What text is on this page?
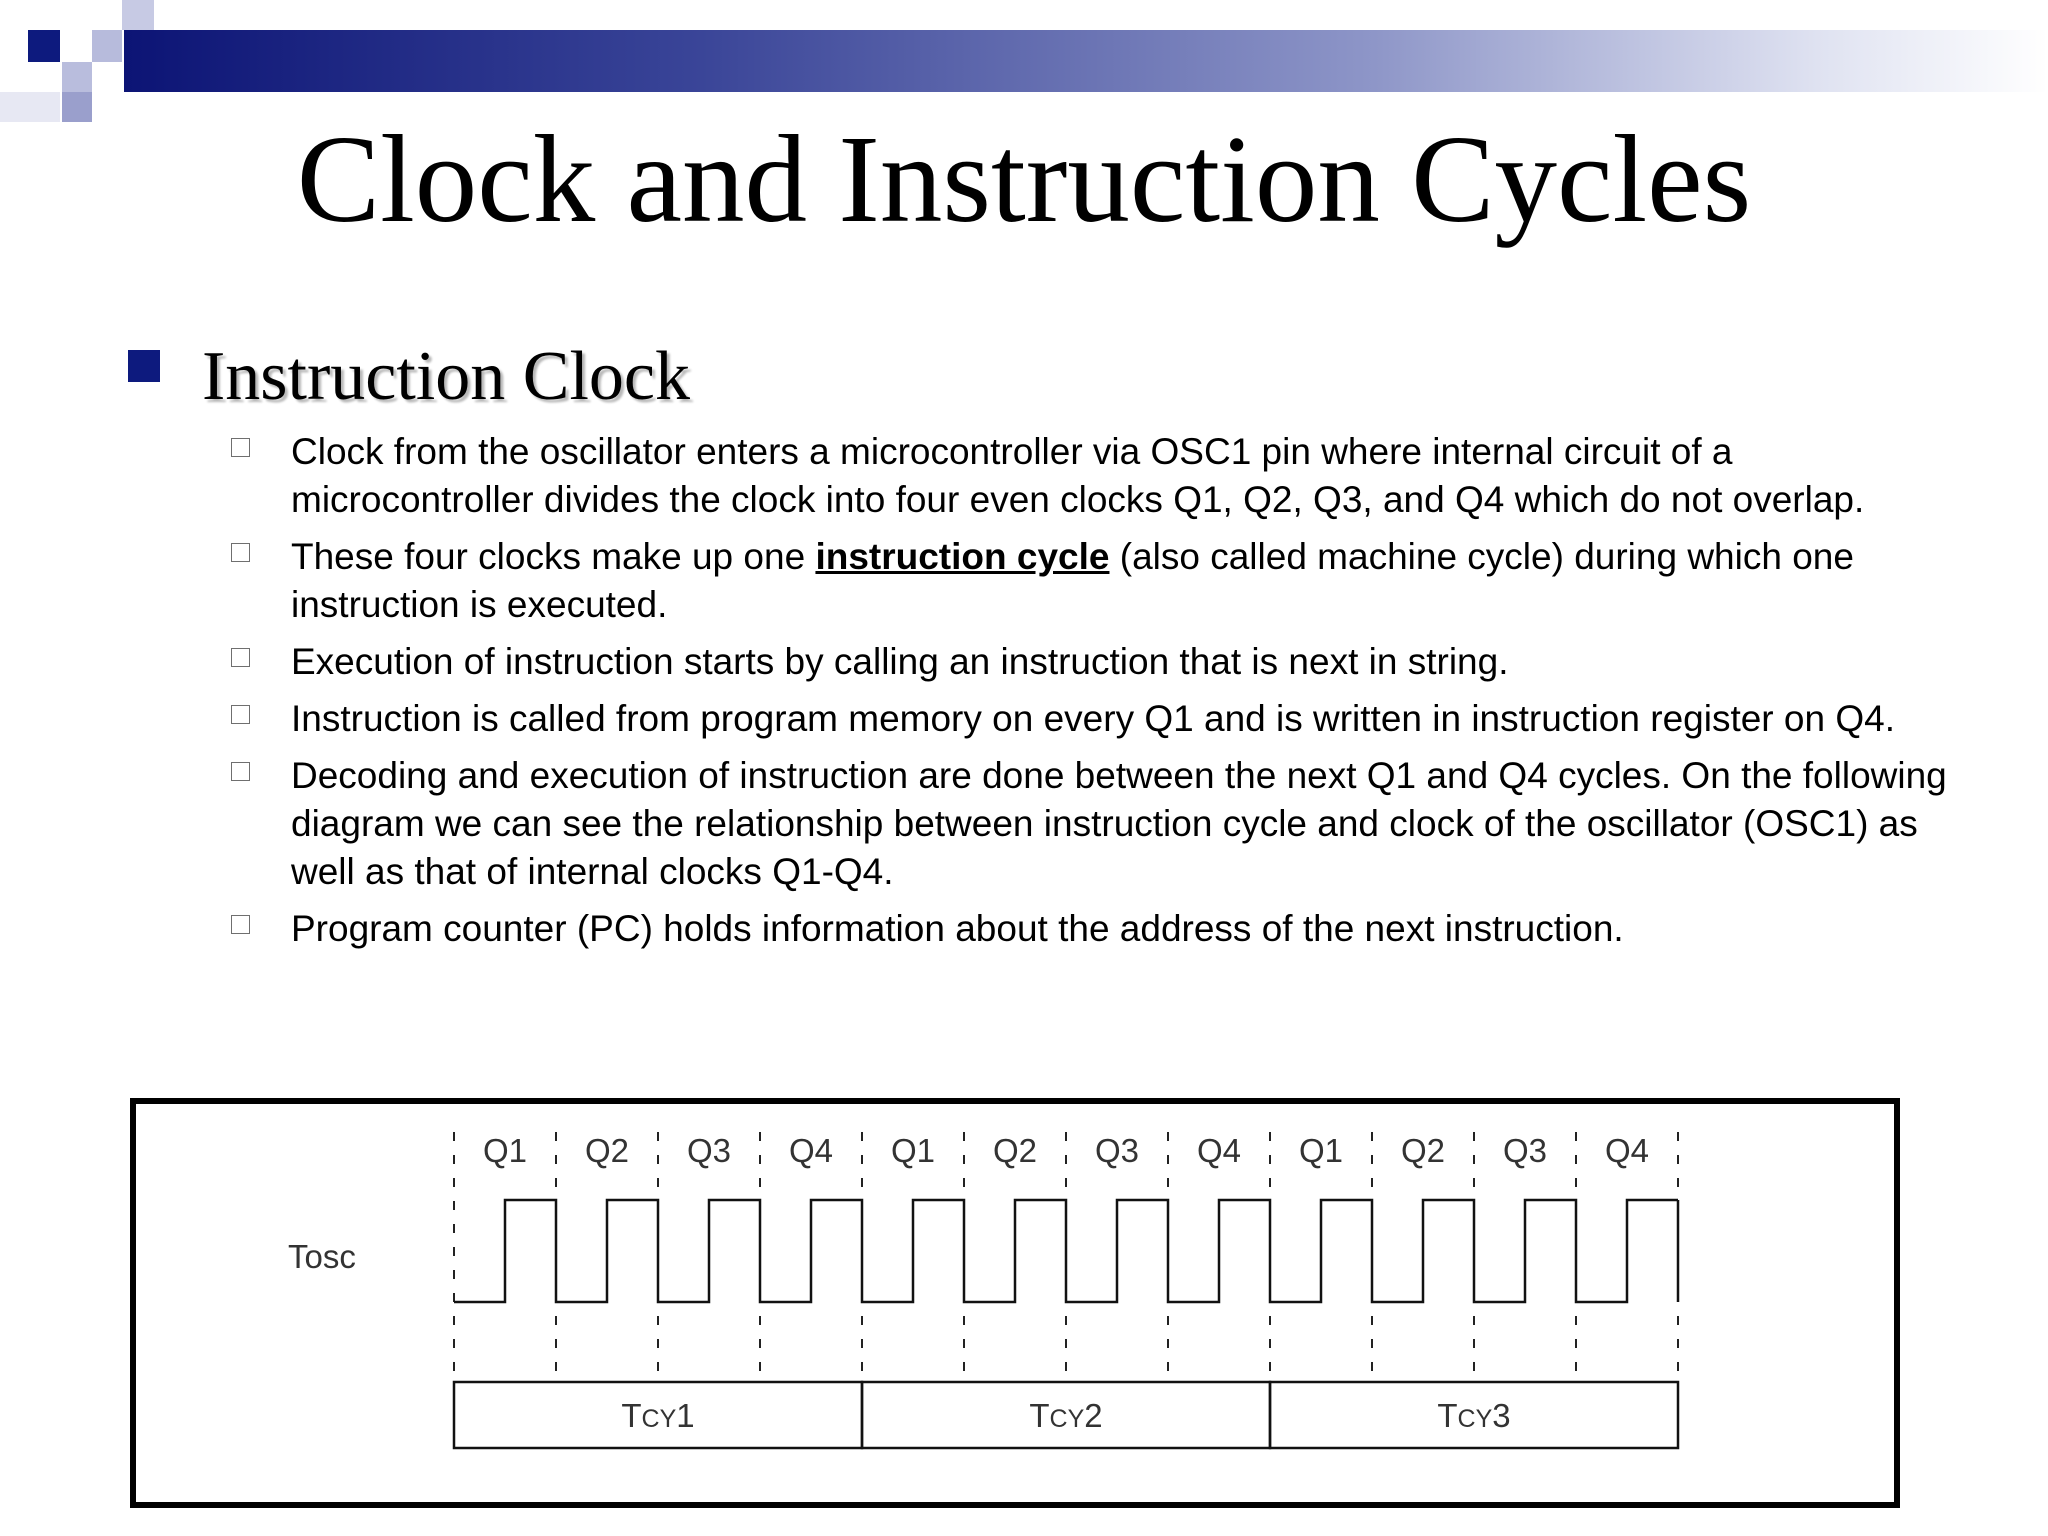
Clock and Instruction Cycles
Instruction Clock
Clock from the oscillator enters a microcontroller via OSC1 pin where internal circuit of a microcontroller divides the clock into four even clocks Q1, Q2, Q3, and Q4 which do not overlap.
These four clocks make up one instruction cycle (also called machine cycle) during which one instruction is executed.
Execution of instruction starts by calling an instruction that is next in string.
Instruction is called from program memory on every Q1 and is written in instruction register on Q4.
Decoding and execution of instruction are done between the next Q1 and Q4 cycles. On the following diagram we can see the relationship between instruction cycle and clock of the oscillator (OSC1) as well as that of internal clocks Q1-Q4.
Program counter (PC) holds information about the address of the next instruction.
Tosc
Q1 Q2 Q3 Q4 Q1 Q2 Q3 Q4 Q1 Q2 Q3 Q4
TCY1	TCY2	TCY3
